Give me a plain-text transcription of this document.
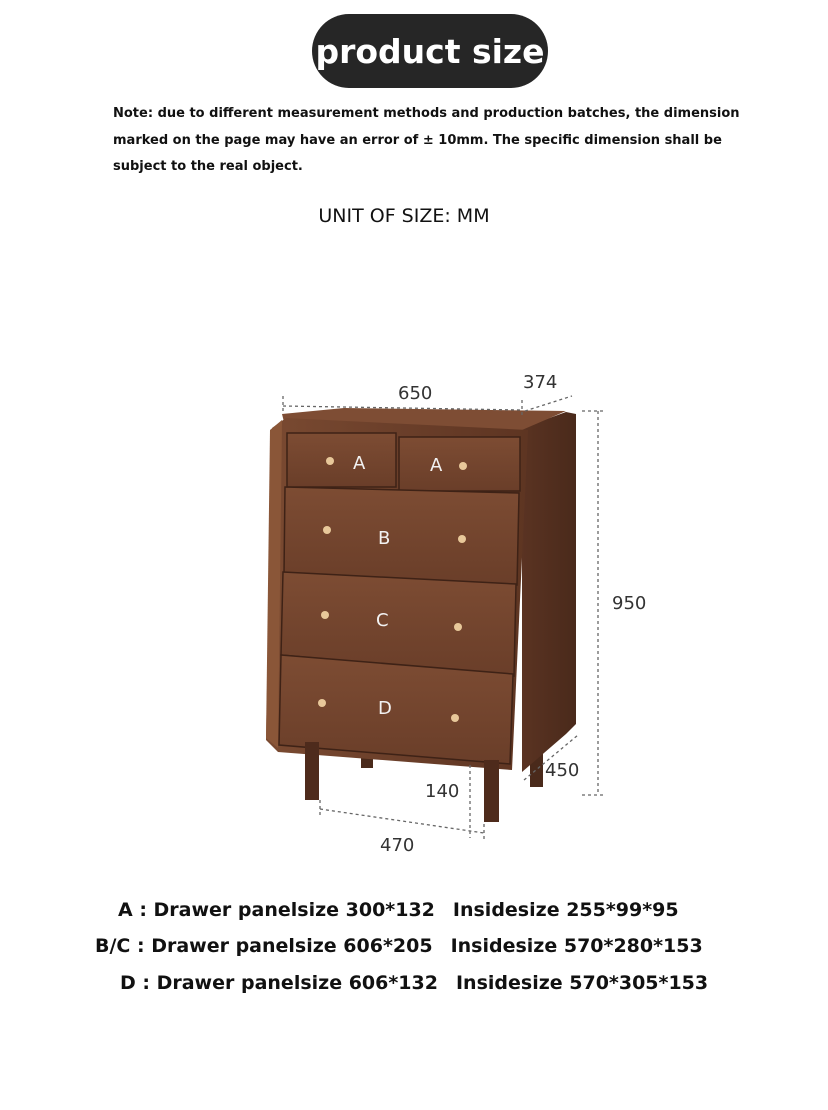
product size
Note: due to different measurement methods and production batches, the dimension marked on the page may have an error of ± 10mm. The specific dimension shall be subject to the real object.
UNIT OF SIZE: MM
A	A
B
C
D
650
374
950
140
450
470
A : Drawer panelsize 300*132 Insidesize 255*99*95
B/C : Drawer panelsize 606*205 Insidesize 570*280*153
D : Drawer panelsize 606*132 Insidesize 570*305*153
